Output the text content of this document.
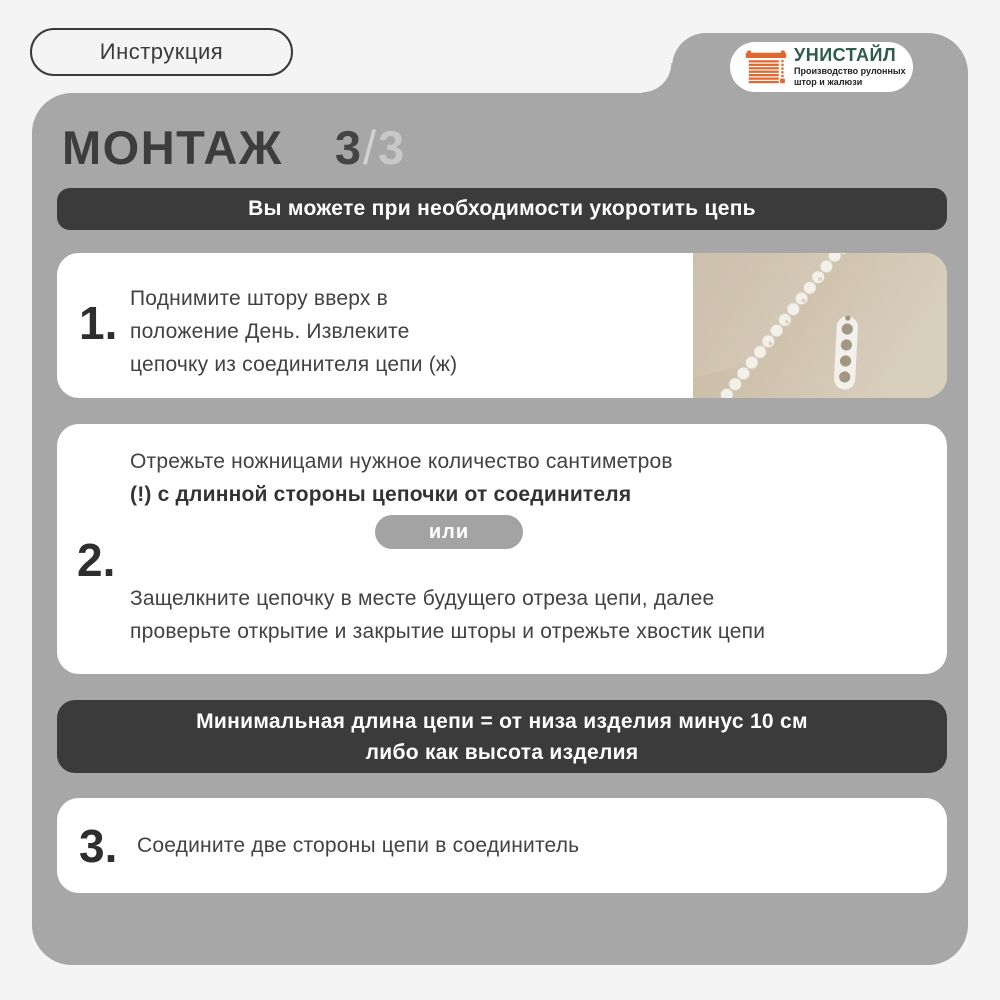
Инструкция	УНИСТАЙЛ
Производство рулонных
штор и жалюзи
МОНТАЖ 3 / 3
Вы можете при необходимости укоротить цепь
1. Поднимите штору вверх в положение День. Извлеките цепочку из соединителя цепи (ж)
2.
Отрежьте ножницами нужное количество сантиметров
(!) с длинной стороны цепочки от соединителя
или
Защелкните цепочку в месте будущего отреза цепи, далее проверьте открытие и закрытие шторы и отрежьте хвостик цепи
Минимальная длина цепи = от низа изделия минус 10 см
либо как высота изделия
3. Соедините две стороны цепи в соединитель
